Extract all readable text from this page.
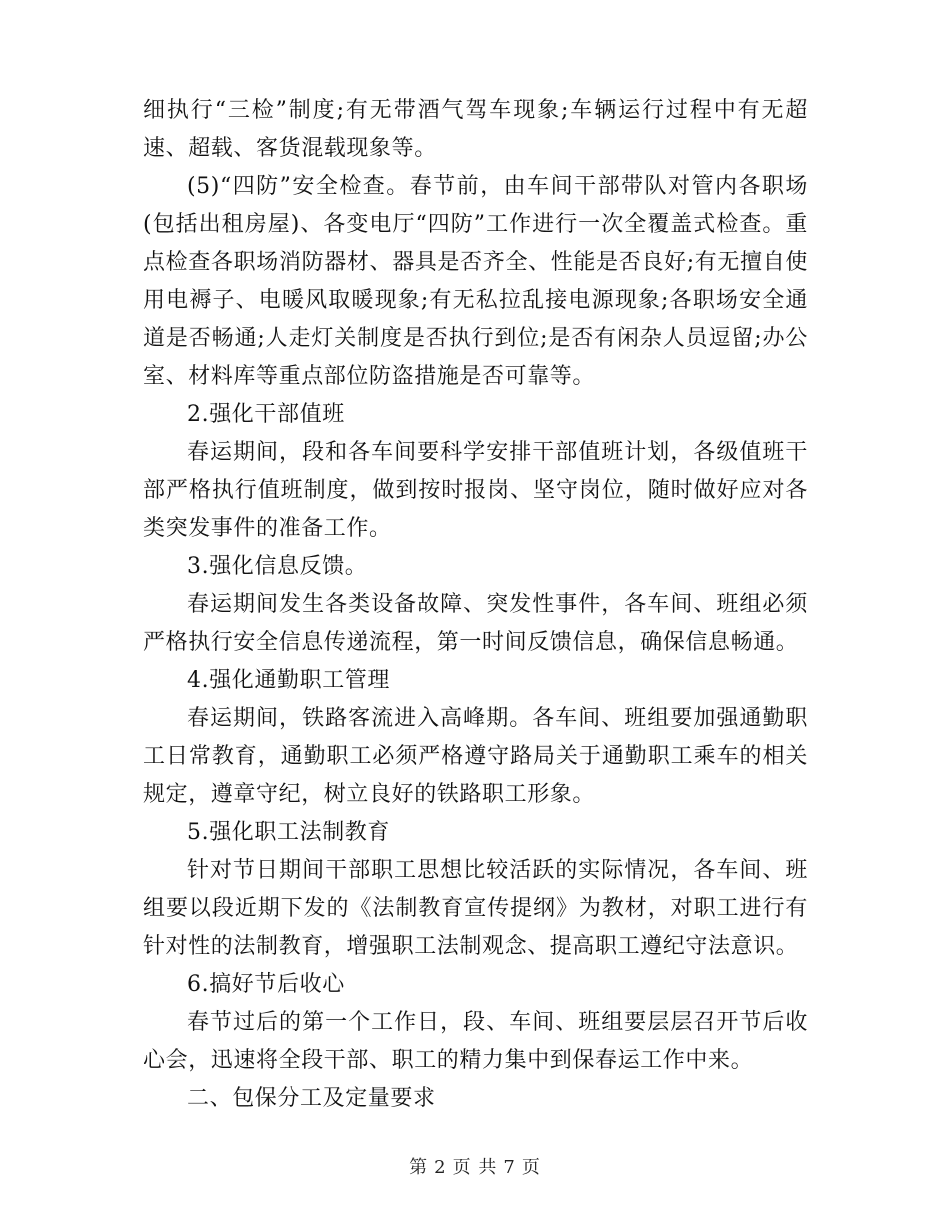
细执行“三检”制度;有无带酒气驾车现象;车辆运行过程中有无超速、超载、客货混载现象等。

(5)“四防”安全检查。春节前，由车间干部带队对管内各职场(包括出租房屋)、各变电厅“四防”工作进行一次全覆盖式检查。重点检查各职场消防器材、器具是否齐全、性能是否良好;有无擅自使用电褥子、电暖风取暖现象;有无私拉乱接电源现象;各职场安全通道是否畅通;人走灯关制度是否执行到位;是否有闲杂人员逗留;办公室、材料库等重点部位防盗措施是否可靠等。

2.强化干部值班

春运期间，段和各车间要科学安排干部值班计划，各级值班干部严格执行值班制度，做到按时报岗、坚守岗位，随时做好应对各类突发事件的准备工作。

3.强化信息反馈。

春运期间发生各类设备故障、突发性事件，各车间、班组必须严格执行安全信息传递流程，第一时间反馈信息，确保信息畅通。

4.强化通勤职工管理

春运期间，铁路客流进入高峰期。各车间、班组要加强通勤职工日常教育，通勤职工必须严格遵守路局关于通勤职工乘车的相关规定，遵章守纪，树立良好的铁路职工形象。

5.强化职工法制教育

针对节日期间干部职工思想比较活跃的实际情况，各车间、班组要以段近期下发的《法制教育宣传提纲》为教材，对职工进行有针对性的法制教育，增强职工法制观念、提高职工遵纪守法意识。

6.搞好节后收心

春节过后的第一个工作日，段、车间、班组要层层召开节后收心会，迅速将全段干部、职工的精力集中到保春运工作中来。

二、包保分工及定量要求

第 2 页 共 7 页
